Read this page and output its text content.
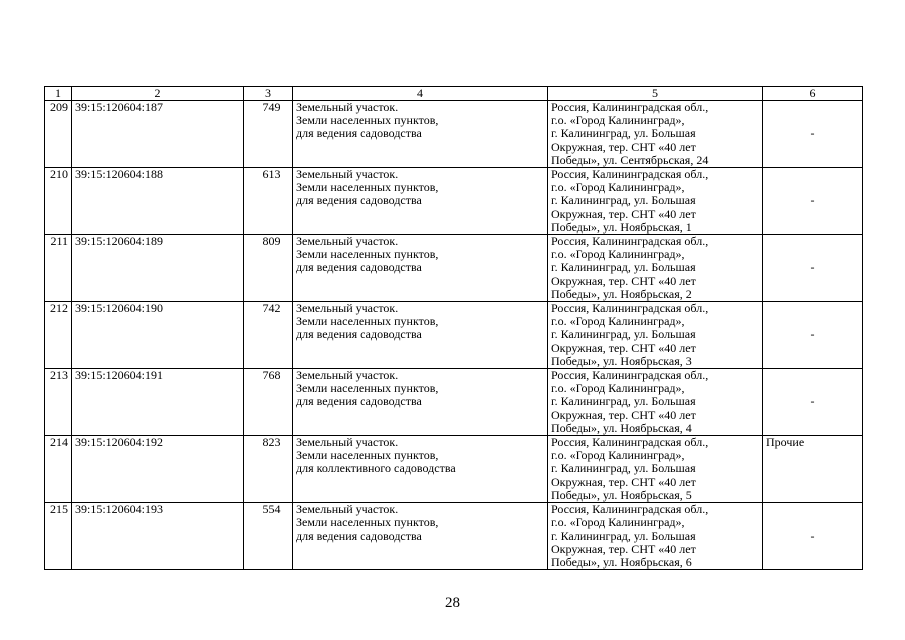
1	2	3	4	5	6

209	39:15:120604:187	749	Земельный участок.
Земли населенных пунктов,
для ведения садоводства	Россия, Калининградская обл.,
г.о. «Город Калининград»,
г. Калининград, ул. Большая
Окружная, тер. СНТ «40 лет
Победы», ул. Сентябрьская, 24	-

210	39:15:120604:188	613	Земельный участок.
Земли населенных пунктов,
для ведения садоводства	Россия, Калининградская обл.,
г.о. «Город Калининград»,
г. Калининград, ул. Большая
Окружная, тер. СНТ «40 лет
Победы», ул. Ноябрьская, 1	-

211	39:15:120604:189	809	Земельный участок.
Земли населенных пунктов,
для ведения садоводства	Россия, Калининградская обл.,
г.о. «Город Калининград»,
г. Калининград, ул. Большая
Окружная, тер. СНТ «40 лет
Победы», ул. Ноябрьская, 2	-

212	39:15:120604:190	742	Земельный участок.
Земли населенных пунктов,
для ведения садоводства	Россия, Калининградская обл.,
г.о. «Город Калининград»,
г. Калининград, ул. Большая
Окружная, тер. СНТ «40 лет
Победы», ул. Ноябрьская, 3	-

213	39:15:120604:191	768	Земельный участок.
Земли населенных пунктов,
для ведения садоводства	Россия, Калининградская обл.,
г.о. «Город Калининград»,
г. Калининград, ул. Большая
Окружная, тер. СНТ «40 лет
Победы», ул. Ноябрьская, 4	-

214	39:15:120604:192	823	Земельный участок.
Земли населенных пунктов,
для коллективного садоводства	Россия, Калининградская обл.,
г.о. «Город Калининград»,
г. Калининград, ул. Большая
Окружная, тер. СНТ «40 лет
Победы», ул. Ноябрьская, 5	Прочие

215	39:15:120604:193	554	Земельный участок.
Земли населенных пунктов,
для ведения садоводства	Россия, Калининградская обл.,
г.о. «Город Калининград»,
г. Калининград, ул. Большая
Окружная, тер. СНТ «40 лет
Победы», ул. Ноябрьская, 6	-
28
